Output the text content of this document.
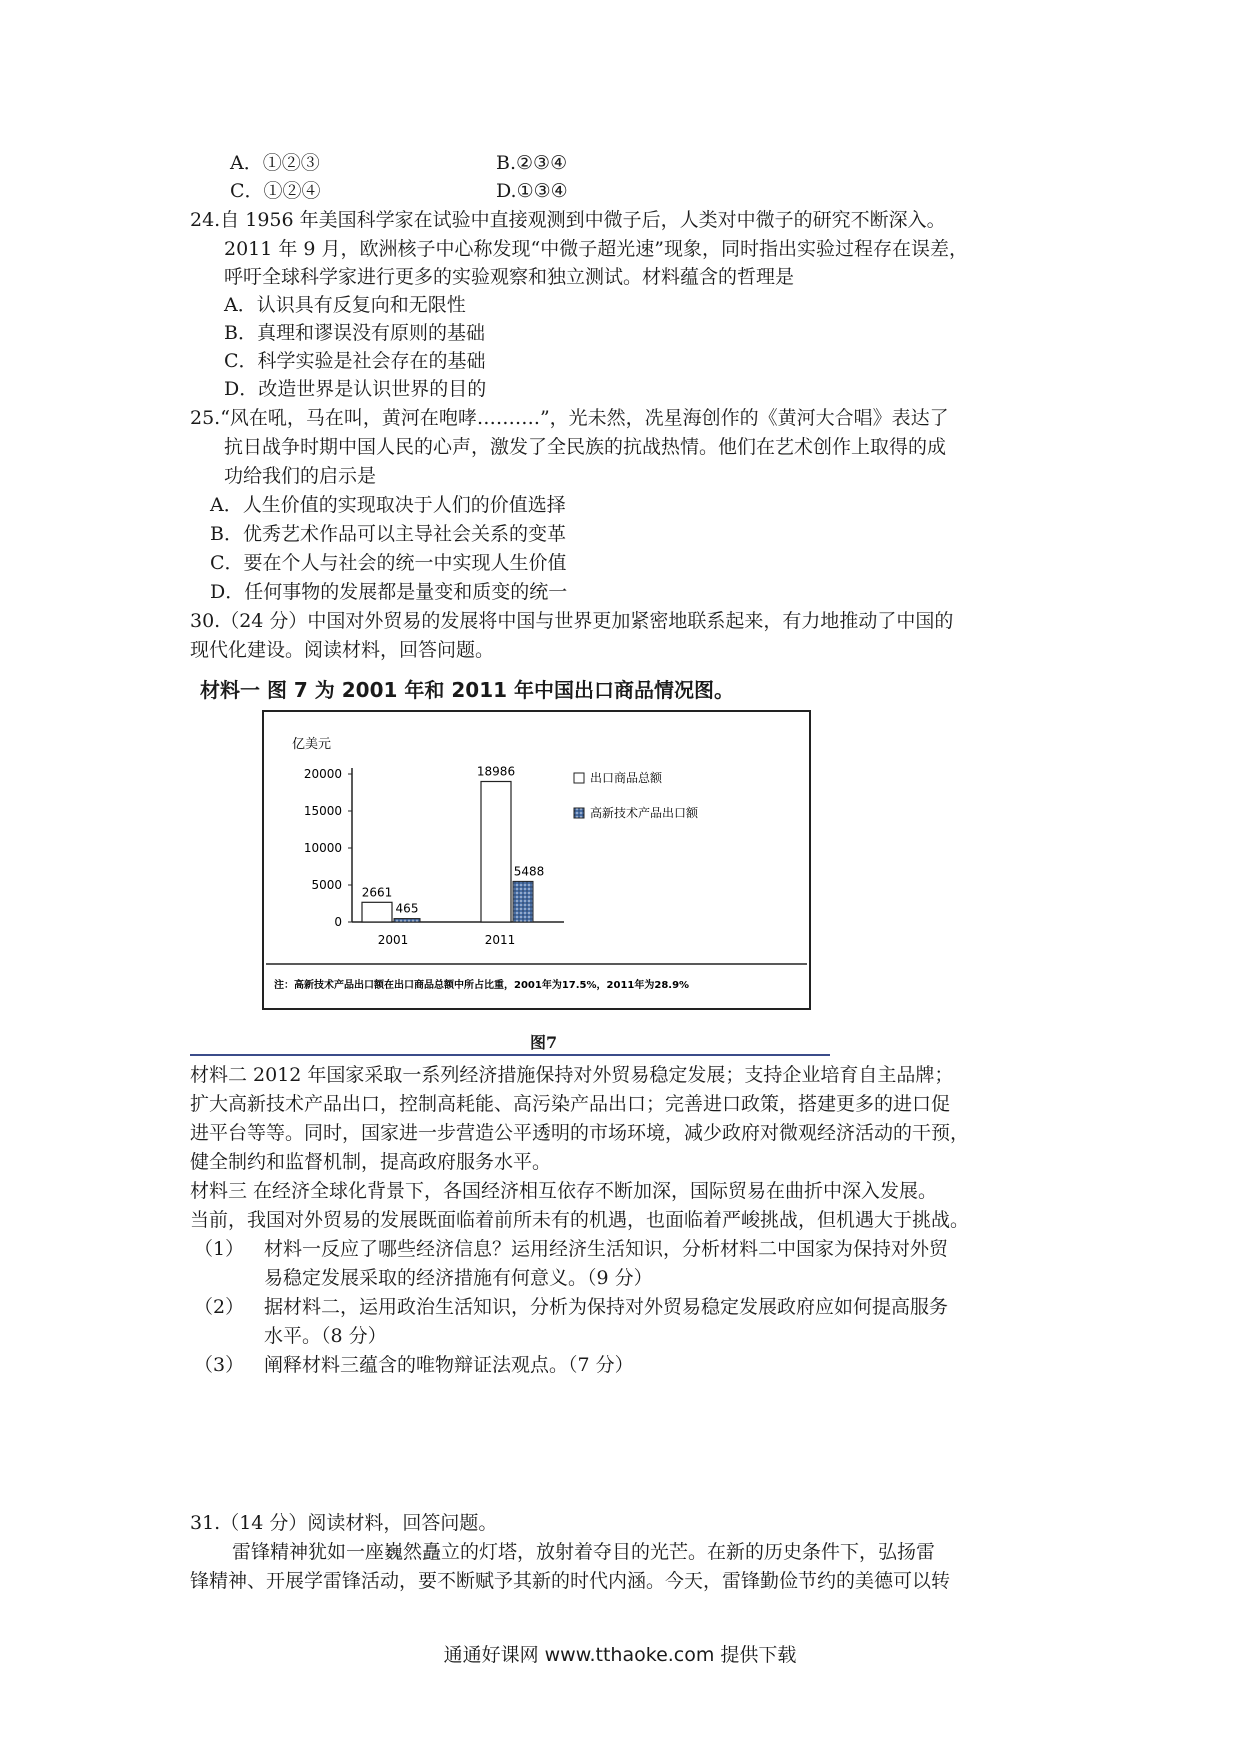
A．①②③	B.②③④
C．①②④	D.①③④
24.自 1956 年美国科学家在试验中直接观测到中微子后，人类对中微子的研究不断深入。
2011 年 9 月，欧洲核子中心称发现“中微子超光速”现象，同时指出实验过程存在误差，
呼吁全球科学家进行更多的实验观察和独立测试。材料蕴含的哲理是
A．认识具有反复向和无限性
B．真理和谬误没有原则的基础
C．科学实验是社会存在的基础
D．改造世界是认识世界的目的
25.“风在吼，马在叫，黄河在咆哮……….”，光未然，冼星海创作的《黄河大合唱》表达了
抗日战争时期中国人民的心声，激发了全民族的抗战热情。他们在艺术创作上取得的成
功给我们的启示是
A．人生价值的实现取决于人们的价值选择
B．优秀艺术作品可以主导社会关系的变革
C．要在个人与社会的统一中实现人生价值
D．任何事物的发展都是量变和质变的统一
30.（24 分）中国对外贸易的发展将中国与世界更加紧密地联系起来，有力地推动了中国的
现代化建设。阅读材料，回答问题。
材料一 图 7 为 2001 年和 2011 年中国出口商品情况图。
亿美元
0
5000
10000
15000
20000
2661
465
2001
18986
5488
2011
出口商品总额
高新技术产品出口额
注：高新技术产品出口额在出口商品总额中所占比重，2001年为17.5%，2011年为28.9%
图7
材料二 2012 年国家采取一系列经济措施保持对外贸易稳定发展；支持企业培育自主品牌；
扩大高新技术产品出口，控制高耗能、高污染产品出口；完善进口政策，搭建更多的进口促
进平台等等。同时，国家进一步营造公平透明的市场环境，减少政府对微观经济活动的干预，
健全制约和监督机制，提高政府服务水平。
材料三 在经济全球化背景下，各国经济相互依存不断加深，国际贸易在曲折中深入发展。
当前，我国对外贸易的发展既面临着前所未有的机遇，也面临着严峻挑战，但机遇大于挑战。
（1） 材料一反应了哪些经济信息？运用经济生活知识，分析材料二中国家为保持对外贸
易稳定发展采取的经济措施有何意义。（9 分）
（2） 据材料二，运用政治生活知识，分析为保持对外贸易稳定发展政府应如何提高服务
水平。（8 分）
（3） 阐释材料三蕴含的唯物辩证法观点。（7 分）
31.（14 分）阅读材料，回答问题。
雷锋精神犹如一座巍然矗立的灯塔，放射着夺目的光芒。在新的历史条件下，弘扬雷
锋精神、开展学雷锋活动，要不断赋予其新的时代内涵。今天，雷锋勤俭节约的美德可以转
通通好课网 www.tthaoke.com 提供下载
